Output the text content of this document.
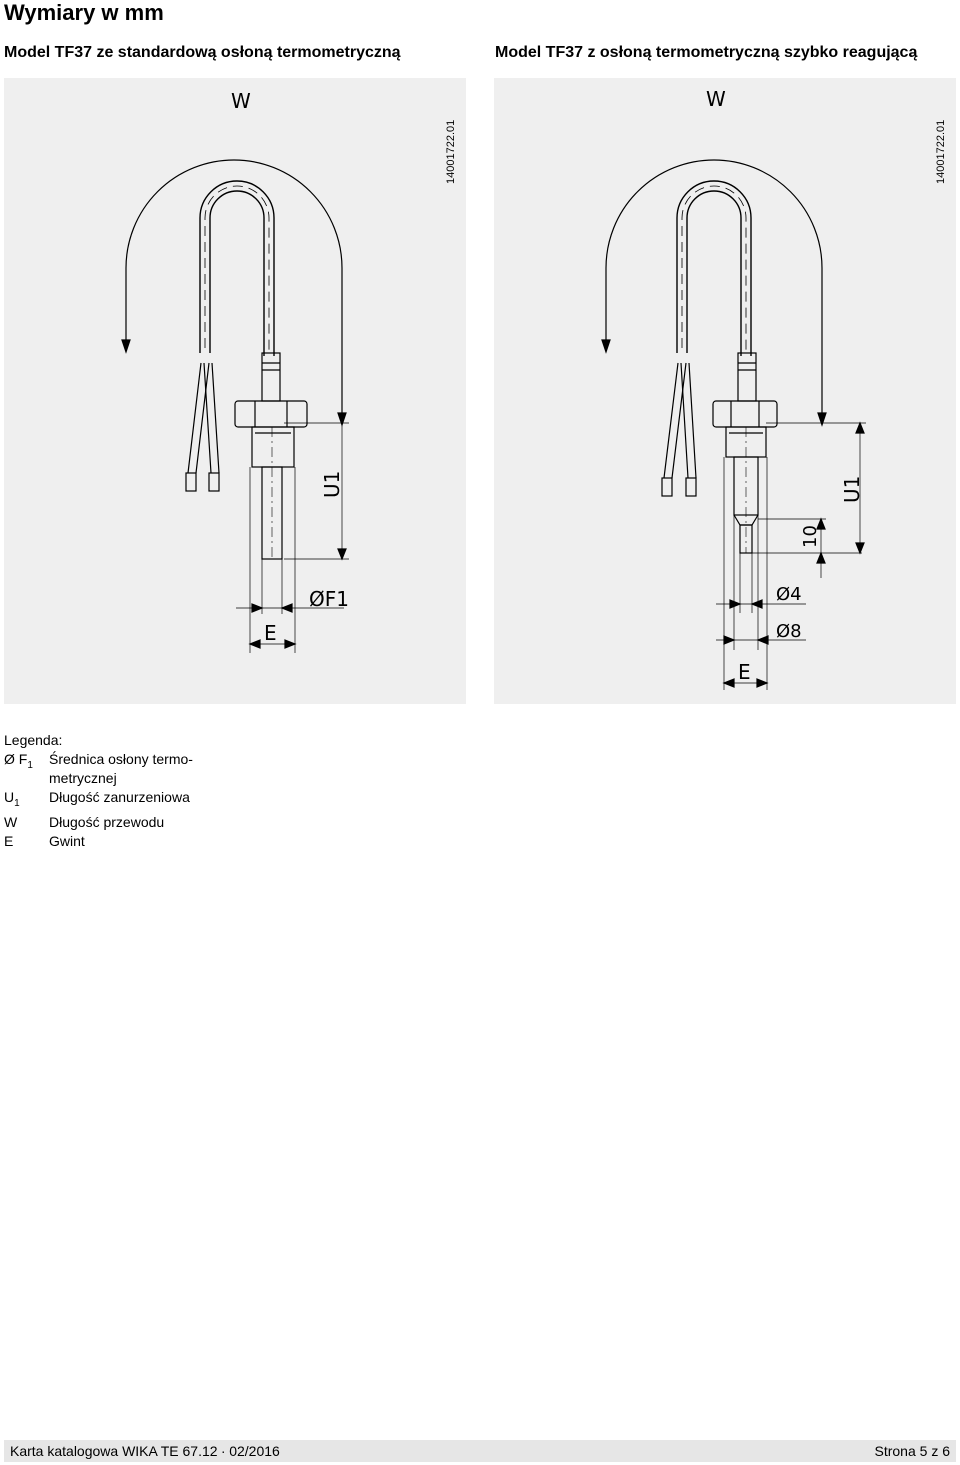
Wymiary w mm
Model TF37 ze standardową osłoną termometryczną	Model TF37 z osłoną termometryczną szybko reagującą
W
U1
ØF1
E
14001722.01
W
U1
10
Ø4
Ø8
E
14001722.01
Legenda:
Ø $F_1$	Średnica osłony termo-metrycznej
$U_1$	Długość zanurzeniowa
W	Długość przewodu
E	Gwint
Karta katalogowa WIKA TE 67.12 ∙ 02/2016	Strona 5 z 6
